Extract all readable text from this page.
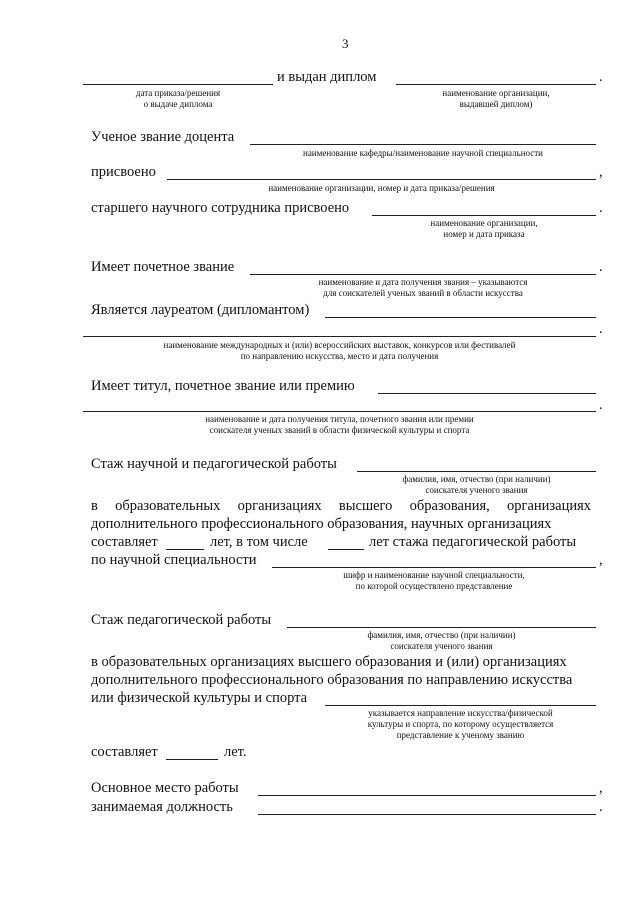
3
и выдан диплом	.
дата приказа/решения
о выдаче диплома
наименование организации,
выдавшей диплом)
Ученое звание доцента
наименование кафедры/наименование научной специальности
присвоено	,
наименование организации, номер и дата приказа/решения
старшего научного сотрудника присвоено	.
наименование организации,
номер и дата приказа
Имеет почетное звание	.
наименование и дата получения звания – указываются
для соискателей ученых званий в области искусства
Является лауреатом (дипломантом)
.
наименование международных и (или) всероссийских выставок, конкурсов или фестивалей
по направлению искусства, место и дата получения
Имеет титул, почетное звание или премию
.
наименование и дата получения титула, почетного звания или премии
соискателя ученых званий в области физической культуры и спорта
Стаж научной и педагогической работы
фамилия, имя, отчество (при наличии)
соискателя ученого звания
в образовательных организациях высшего образования, организациях
дополнительного профессионального образования, научных организациях
составляет	лет, в том числе	лет стажа педагогической работы
по научной специальности	,
шифр и наименование научной специальности,
по которой осуществлено представление
Стаж педагогической работы
фамилия, имя, отчество (при наличии)
соискателя ученого звания
в образовательных организациях высшего образования и (или) организациях
дополнительного профессионального образования по направлению искусства
или физической культуры и спорта
указывается направление искусства/физической
культуры и спорта, по которому осуществляется
представление к ученому званию
составляет	лет.
Основное место работы	,
занимаемая должность	.
